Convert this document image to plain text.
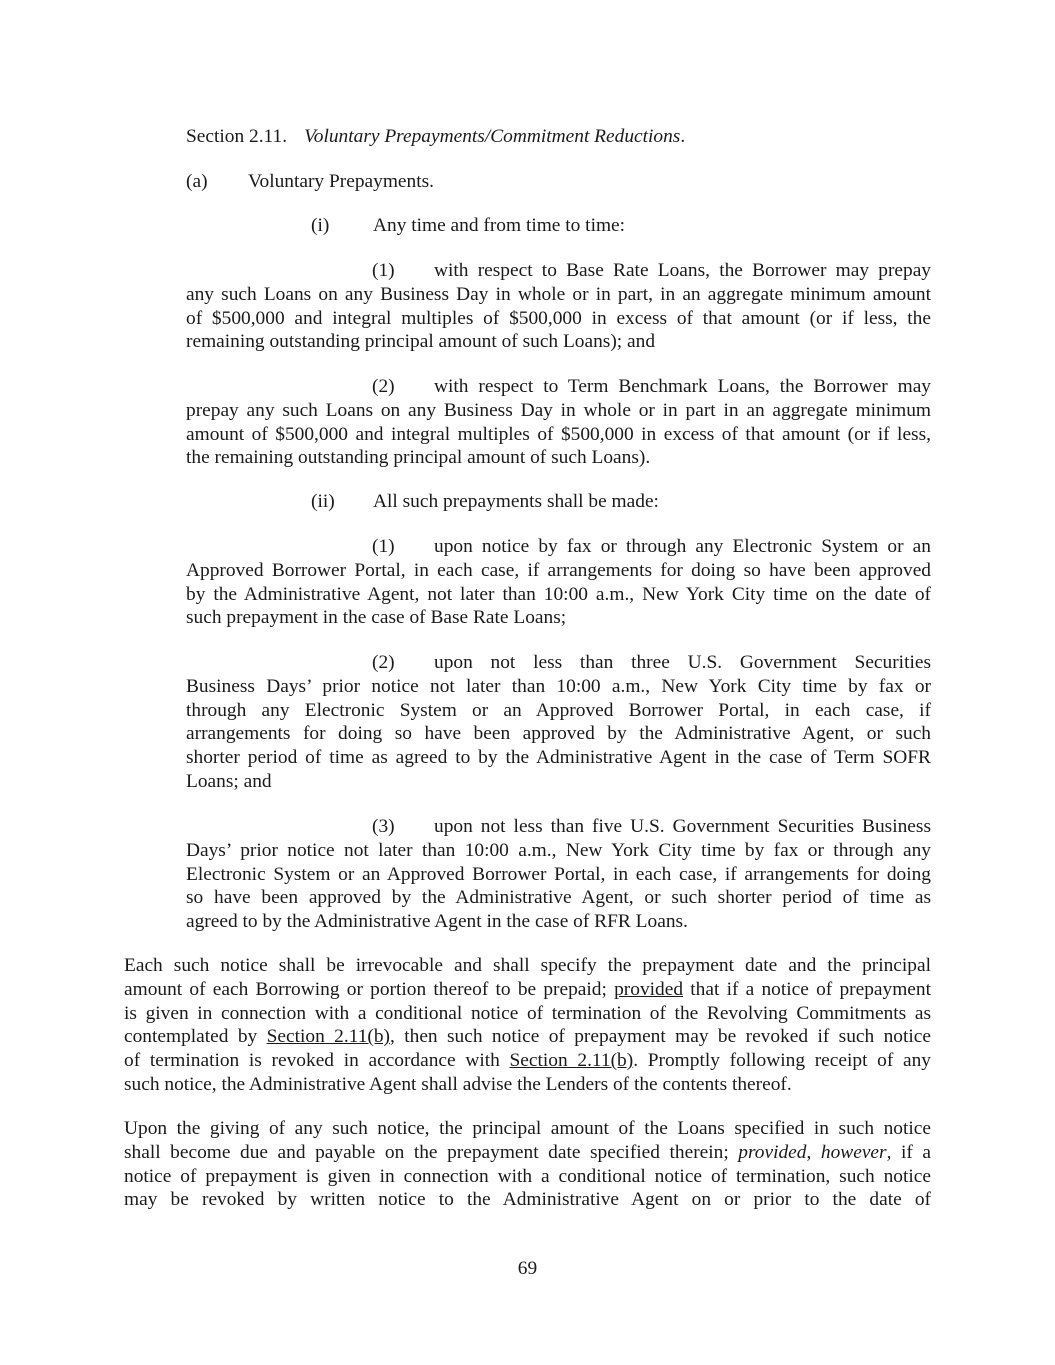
Section 2.11. Voluntary Prepayments/Commitment Reductions.
(a) Voluntary Prepayments.
(i) Any time and from time to time:
(1) with respect to Base Rate Loans, the Borrower may prepay
any such Loans on any Business Day in whole or in part, in an aggregate minimum amount
of $500,000 and integral multiples of $500,000 in excess of that amount (or if less, the
remaining outstanding principal amount of such Loans); and
(2) with respect to Term Benchmark Loans, the Borrower may
prepay any such Loans on any Business Day in whole or in part in an aggregate minimum
amount of $500,000 and integral multiples of $500,000 in excess of that amount (or if less,
the remaining outstanding principal amount of such Loans).
(ii) All such prepayments shall be made:
(1) upon notice by fax or through any Electronic System or an
Approved Borrower Portal, in each case, if arrangements for doing so have been approved
by the Administrative Agent, not later than 10:00 a.m., New York City time on the date of
such prepayment in the case of Base Rate Loans;
(2) upon not less than three U.S. Government Securities
Business Days’ prior notice not later than 10:00 a.m., New York City time by fax or
through any Electronic System or an Approved Borrower Portal, in each case, if
arrangements for doing so have been approved by the Administrative Agent, or such
shorter period of time as agreed to by the Administrative Agent in the case of Term SOFR
Loans; and
(3) upon not less than five U.S. Government Securities Business
Days’ prior notice not later than 10:00 a.m., New York City time by fax or through any
Electronic System or an Approved Borrower Portal, in each case, if arrangements for doing
so have been approved by the Administrative Agent, or such shorter period of time as
agreed to by the Administrative Agent in the case of RFR Loans.
Each such notice shall be irrevocable and shall specify the prepayment date and the principal
amount of each Borrowing or portion thereof to be prepaid; provided that if a notice of prepayment
is given in connection with a conditional notice of termination of the Revolving Commitments as
contemplated by Section 2.11(b), then such notice of prepayment may be revoked if such notice
of termination is revoked in accordance with Section 2.11(b). Promptly following receipt of any
such notice, the Administrative Agent shall advise the Lenders of the contents thereof.
Upon the giving of any such notice, the principal amount of the Loans specified in such notice
shall become due and payable on the prepayment date specified therein; provided, however, if a
notice of prepayment is given in connection with a conditional notice of termination, such notice
may be revoked by written notice to the Administrative Agent on or prior to the date of
69
